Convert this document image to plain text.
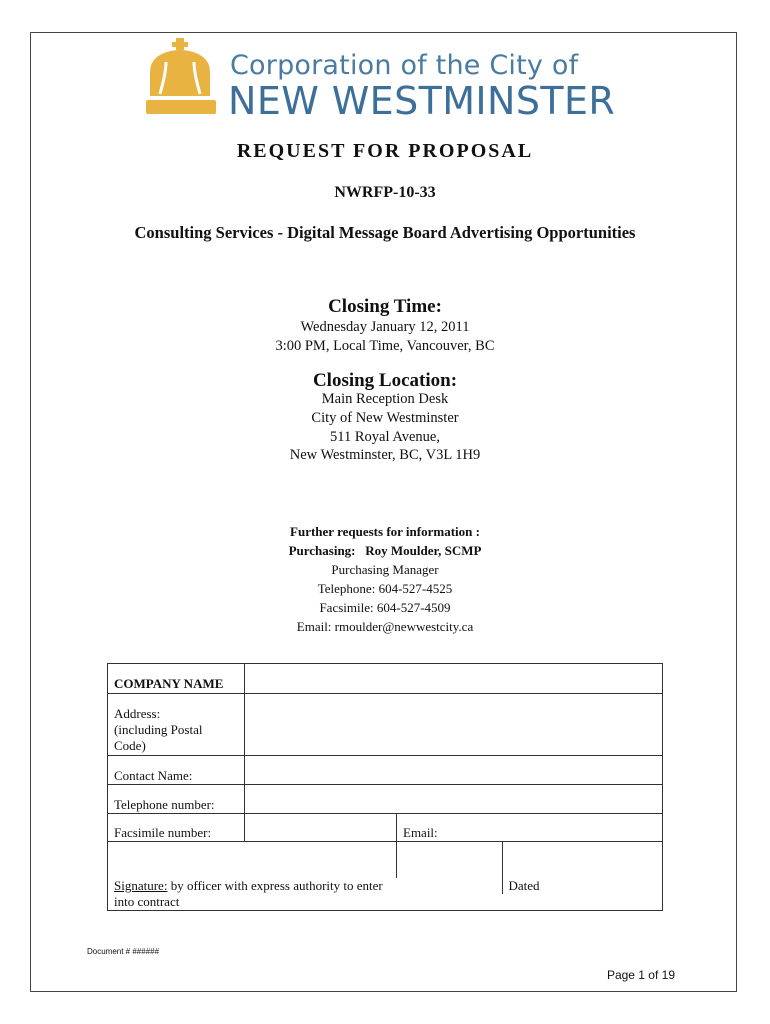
Corporation of the City of
NEW WESTMINSTER
REQUEST FOR PROPOSAL
NWRFP-10-33
Consulting Services - Digital Message Board Advertising Opportunities
Closing Time:
Wednesday January 12, 2011
3:00 PM, Local Time, Vancouver, BC
Closing Location:
Main Reception Desk
City of New Westminster
511 Royal Avenue,
New Westminster, BC, V3L 1H9
Further requests for information :
Purchasing: Roy Moulder, SCMP
Purchasing Manager
Telephone: 604-527-4525
Facsimile: 604-527-4509
Email: rmoulder@newwestcity.ca
COMPANY NAME		

Address:
(including Postal
Code)		

Contact Name:		
Telephone number:		
Facsimile number:		Email:

Signature: by officer with express authority to enter into contract		Dated
Document # ######
Page 1 of 19
